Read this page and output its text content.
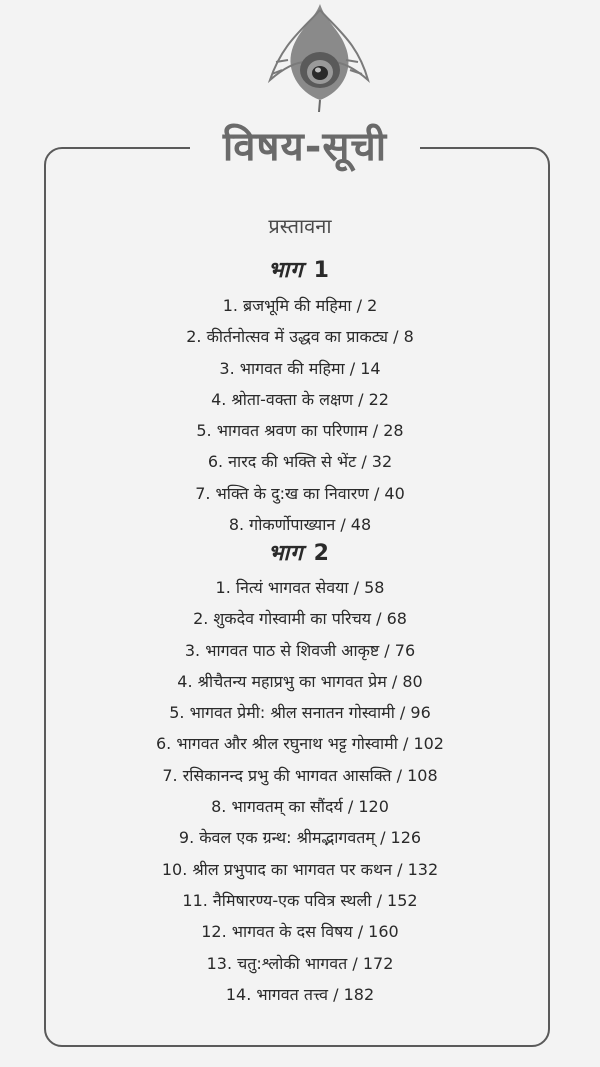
विषय-सूची
प्रस्तावना
भाग 1
1. ब्रजभूमि की महिमा / 2
2. कीर्तनोत्सव में उद्धव का प्राकट्य / 8
3. भागवत की महिमा / 14
4. श्रोता-वक्ता के लक्षण / 22
5. भागवत श्रवण का परिणाम / 28
6. नारद की भक्ति से भेंट / 32
7. भक्ति के दु:ख का निवारण / 40
8. गोकर्णोपाख्यान / 48
भाग 2
1. नित्यं भागवत सेवया / 58
2. शुकदेव गोस्वामी का परिचय / 68
3. भागवत पाठ से शिवजी आकृष्ट / 76
4. श्रीचैतन्य महाप्रभु का भागवत प्रेम / 80
5. भागवत प्रेमी: श्रील सनातन गोस्वामी / 96
6. भागवत और श्रील रघुनाथ भट्ट गोस्वामी / 102
7. रसिकानन्द प्रभु की भागवत आसक्ति / 108
8. भागवतम् का सौंदर्य / 120
9. केवल एक ग्रन्थ: श्रीमद्भागवतम् / 126
10. श्रील प्रभुपाद का भागवत पर कथन / 132
11. नैमिषारण्य-एक पवित्र स्थली / 152
12. भागवत के दस विषय / 160
13. चतु:श्लोकी भागवत / 172
14. भागवत तत्त्व / 182
